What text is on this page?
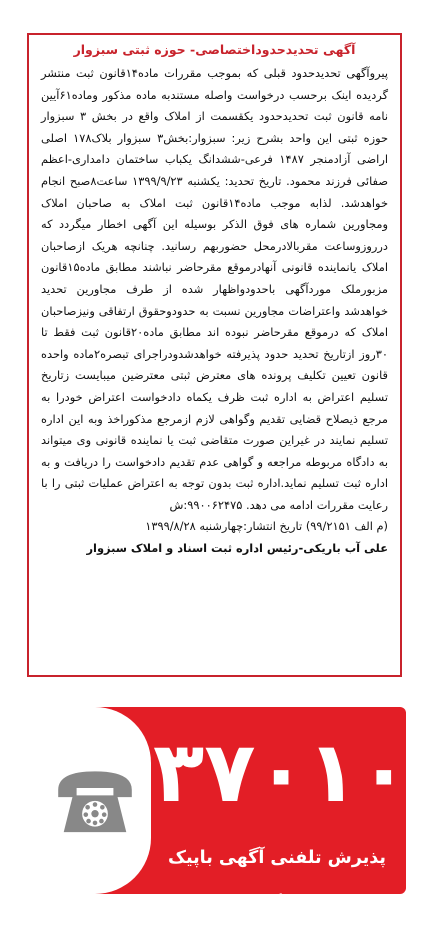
آگهی تحدیدحدوداختصاصی- حوزه ثبتی سبزوار

پیروآگهی تحدیدحدود قبلی که بموجب مقررات ماده۱۴قانون ثبت منتشر گردیده اینک برحسب درخواست واصله مستندبه ماده مذکور وماده۶۱آیین نامه قانون ثبت تحدیدحدود یکقسمت از املاک واقع در بخش ۳ سبزوار حوزه ثبتی این واحد بشرح زیر: سبزوار:بخش۳ سبزوار بلاک۱۷۸ اصلی اراضی آزادمنجر ۱۴۸۷ فرعی-ششدانگ یکباب ساختمان دامداری-اعظم صفائی فرزند محمود. تاریخ تحدید: یکشنبه ۱۳۹۹/۹/۲۳ ساعت۸صبح انجام خواهدشد. لذابه موجب ماده۱۴قانون ثبت املاک به صاحبان املاک ومجاورین شماره های فوق الذکر بوسیله این آگهی اخطار میگردد که درروزوساعت مقربالادرمحل حضوربهم رسانید. چنانچه هریک ازصاحبان املاک یانماینده قانونی آنهادرموقع مقرحاضر نباشند مطابق ماده۱۵قانون مزبورملک موردآگهی باحدودواظهار شده از طرف مجاورین تحدید خواهدشد واعتراضات مجاورین نسبت به حدودوحقوق ارتفاقی ونیزصاحبان املاک که درموقع مقرحاضر نبوده اند مطابق ماده۲۰قانون ثبت فقط تا ۳۰روز ازتاریخ تحدید حدود پذیرفته خواهدشدودراجرای تبصره۲ماده واحده قانون تعیین تکلیف پرونده های معترض ثبتی معترضین میبایست زتاریخ تسلیم اعتراض به اداره ثبت ظرف یکماه دادخواست اعتراض خودرا به مرجع ذیصلاح قضایی تقدیم وگواهی لازم ازمرجع مذکوراخذ وبه این اداره تسلیم نمایند در غیراین صورت متقاضی ثبت یا نماینده قانونی وی میتواند به دادگاه مربوطه مراجعه و گواهی عدم تقدیم دادخواست را دریافت و به اداره ثبت تسلیم نماید.اداره ثبت بدون توجه به اعتراض عملیات ثبتی را با رعایت مقررات ادامه می دهد. ۹۹۰۰۶۲۴۷۵:ش

(م الف ۹۹/۲۱۵۱) تاریخ انتشار:چهارشنبه ۱۳۹۹/۸/۲۸

علی آب باریکی-رئیس اداره ثبت اسناد و املاک سبزوار

۳۷۰۱۰
پذیرش تلفنی آگهی باپیک رایگان
